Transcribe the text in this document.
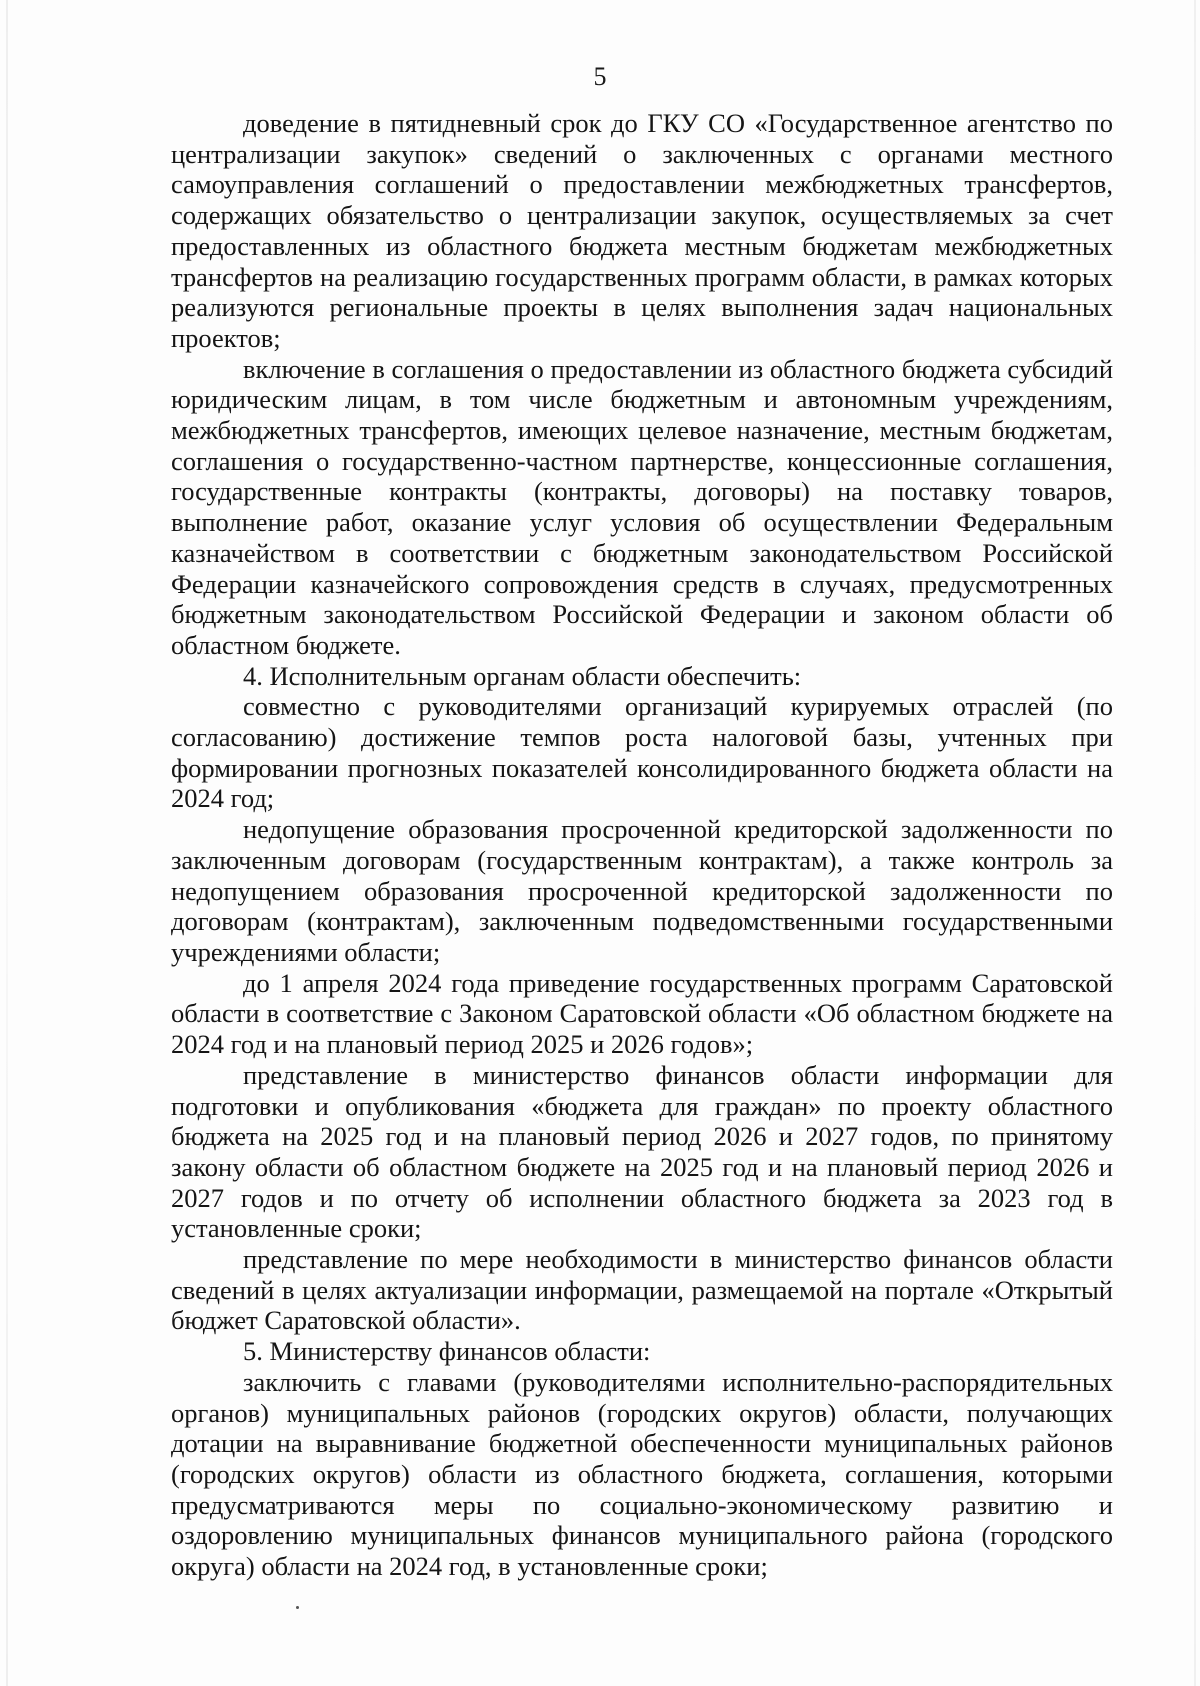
5

доведение в пятидневный срок до ГКУ СО «Государственное агентство по централизации закупок» сведений о заключенных с органами местного самоуправления соглашений о предоставлении межбюджетных трансфертов, содержащих обязательство о централизации закупок, осуществляемых за счет предоставленных из областного бюджета местным бюджетам межбюджетных трансфертов на реализацию государственных программ области, в рамках которых реализуются региональные проекты в целях выполнения задач национальных проектов;

включение в соглашения о предоставлении из областного бюджета субсидий юридическим лицам, в том числе бюджетным и автономным учреждениям, межбюджетных трансфертов, имеющих целевое назначение, местным бюджетам, соглашения о государственно-частном партнерстве, концессионные соглашения, государственные контракты (контракты, договоры) на поставку товаров, выполнение работ, оказание услуг условия об осуществлении Федеральным казначейством в соответствии с бюджетным законодательством Российской Федерации казначейского сопровождения средств в случаях, предусмотренных бюджетным законодательством Российской Федерации и законом области об областном бюджете.

4. Исполнительным органам области обеспечить:

совместно с руководителями организаций курируемых отраслей (по согласованию) достижение темпов роста налоговой базы, учтенных при формировании прогнозных показателей консолидированного бюджета области на 2024 год;

недопущение образования просроченной кредиторской задолженности по заключенным договорам (государственным контрактам), а также контроль за недопущением образования просроченной кредиторской задолженности по договорам (контрактам), заключенным подведомственными государственными учреждениями области;

до 1 апреля 2024 года приведение государственных программ Саратовской области в соответствие с Законом Саратовской области «Об областном бюджете на 2024 год и на плановый период 2025 и 2026 годов»;

представление в министерство финансов области информации для подготовки и опубликования «бюджета для граждан» по проекту областного бюджета на 2025 год и на плановый период 2026 и 2027 годов, по принятому закону области об областном бюджете на 2025 год и на плановый период 2026 и 2027 годов и по отчету об исполнении областного бюджета за 2023 год в установленные сроки;

представление по мере необходимости в министерство финансов области сведений в целях актуализации информации, размещаемой на портале «Открытый бюджет Саратовской области».

5. Министерству финансов области:

заключить с главами (руководителями исполнительно-распорядительных органов) муниципальных районов (городских округов) области, получающих дотации на выравнивание бюджетной обеспеченности муниципальных районов (городских округов) области из областного бюджета, соглашения, которыми предусматриваются меры по социально-экономическому развитию и оздоровлению муниципальных финансов муниципального района (городского округа) области на 2024 год, в установленные сроки;
